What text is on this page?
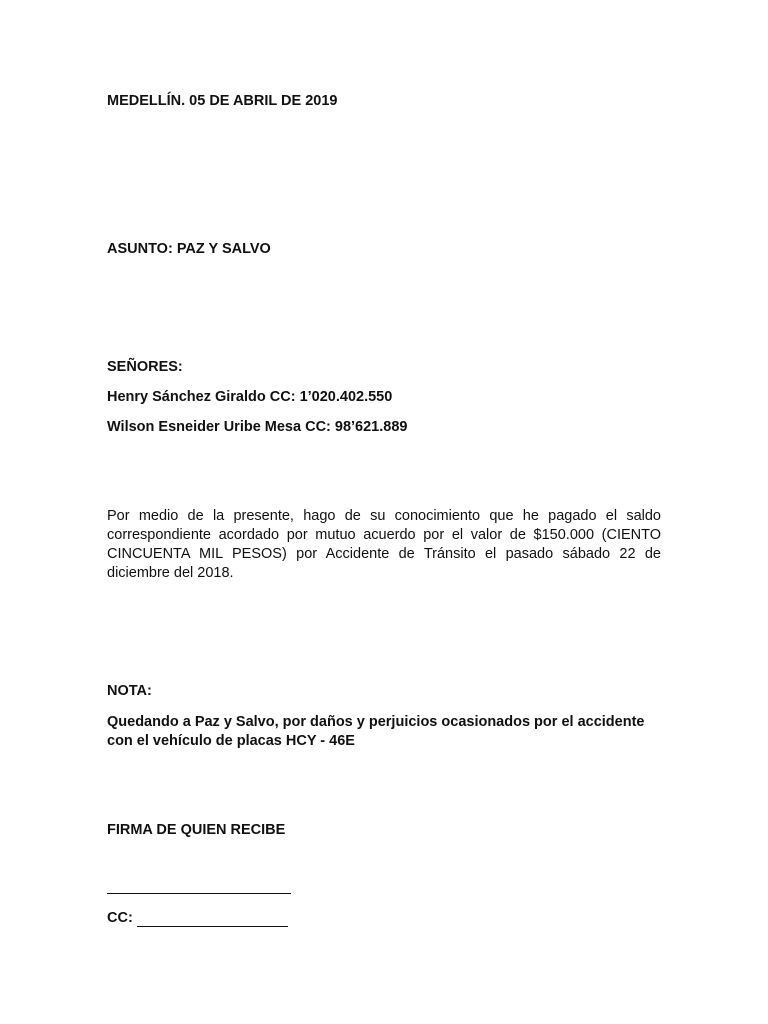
MEDELLÍN. 05 DE ABRIL DE 2019

ASUNTO: PAZ Y SALVO

SEÑORES:

Henry Sánchez Giraldo CC: 1’020.402.550

Wilson Esneider Uribe Mesa CC: 98’621.889

Por medio de la presente, hago de su conocimiento que he pagado el saldo correspondiente acordado por mutuo acuerdo por el valor de $150.000 (CIENTO CINCUENTA MIL PESOS) por Accidente de Tránsito el pasado sábado 22 de diciembre del 2018.

NOTA:

Quedando a Paz y Salvo, por daños y perjuicios ocasionados por el accidente con el vehículo de placas HCY - 46E

FIRMA DE QUIEN RECIBE

CC:
